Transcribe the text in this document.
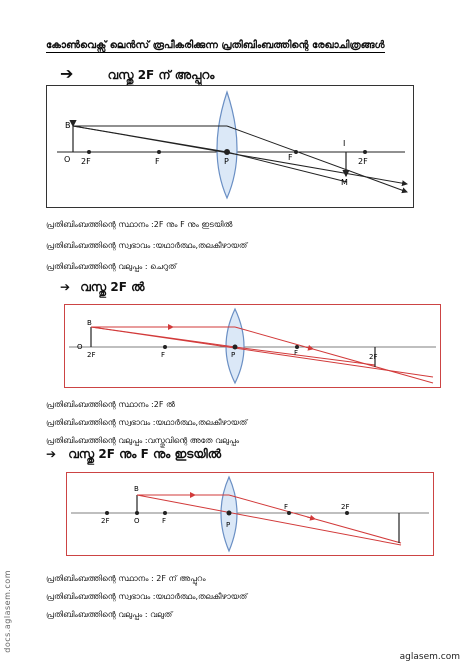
കോൺവെക്സ് ലെൻസ് രൂപീകരിക്കുന്ന പ്രതിബിംബത്തിന്റെ രേഖാചിത്രങ്ങൾ
➔	വസ്തു 2F ന് അപ്പുറം
B
O 2F	F	P	F	2F
I
M
പ്രതിബിംബത്തിന്റെ സ്ഥാനം :2F നും F നും ഇടയിൽ
പ്രതിബിംബത്തിന്റെ സ്വഭാവം :യഥാർത്ഥം,തലകീഴായത്
പ്രതിബിംബത്തിന്റെ വലുപ്പം : ചെറുത്
➔ വസ്തു 2F ൽ
B
O
2F	F	P	F	2F
പ്രതിബിംബത്തിന്റെ സ്ഥാനം :2F ൽ
പ്രതിബിംബത്തിന്റെ സ്വഭാവം :യഥാർത്ഥം,തലകീഴായത്
പ്രതിബിംബത്തിന്റെ വലുപ്പം :വസ്തുവിന്റെ അതേ വലുപ്പം
➔ വസ്തു 2F നും F നും ഇടയിൽ
B
O
2F	F	P
F	2F
പ്രതിബിംബത്തിന്റെ സ്ഥാനം : 2F ന് അപ്പുറം
പ്രതിബിംബത്തിന്റെ സ്വഭാവം :യഥാർത്ഥം,തലകീഴായത്
പ്രതിബിംബത്തിന്റെ വലുപ്പം : വലുത്
docs.aglasem.com
aglasem.com
